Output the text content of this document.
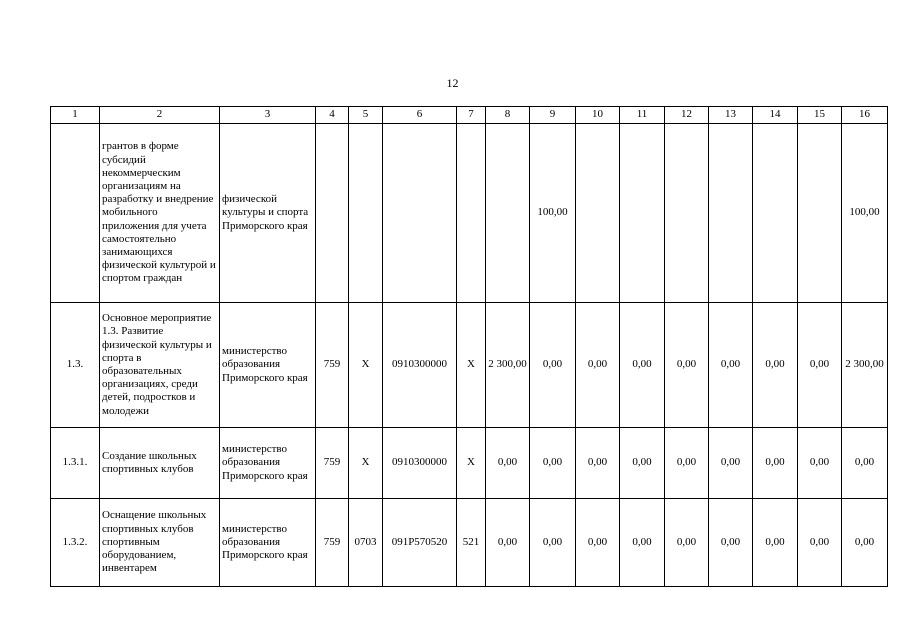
12
1	2	3	4	5	6	7	8	9	10	11	12	13	14	15	16
	грантов в форме субсидий некоммерческим организациям на разработку и внедрение мобильного приложения для учета самостоятельно занимающихся физической культурой и спортом граждан	физической культуры и спорта Приморского края						100,00							100,00
1.3.	Основное мероприятие 1.3. Развитие физической культуры и спорта в образовательных организациях, среди детей, подростков и молодежи	министерство образования Приморского края	759	Х	0910300000	Х	2 300,00	0,00	0,00	0,00	0,00	0,00	0,00	0,00	2 300,00
1.3.1.	Создание школьных спортивных клубов	министерство образования Приморского края	759	Х	0910300000	Х	0,00	0,00	0,00	0,00	0,00	0,00	0,00	0,00	0,00
1.3.2.	Оснащение школьных спортивных клубов спортивным оборудованием, инвентарем	министерство образования Приморского края	759	0703	091Р570520	521	0,00	0,00	0,00	0,00	0,00	0,00	0,00	0,00	0,00
